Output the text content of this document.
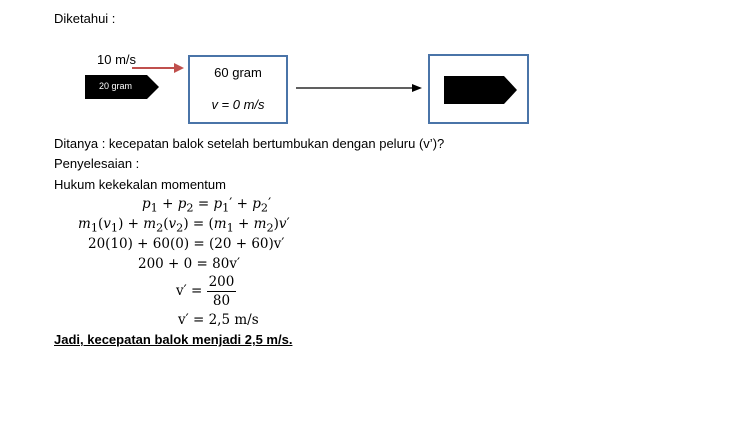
Diketahui :
10 m/s
20 gram
60 gram
v = 0 m/s
Ditanya : kecepatan balok setelah bertumbukan dengan peluru (v’)?
Penyelesaian :
Hukum kekekalan momentum
$p_1 + p_2 = p_1' + p_2'$
$m_1(v_1) + m_2(v_2) = (m_1 + m_2)v'$
20(10) + 60(0) = (20 + 60)v′
200 + 0 = 80v′
$v' = \frac{200}{80}$
v′ = 2,5 m/s
Jadi, kecepatan balok menjadi 2,5 m/s.
